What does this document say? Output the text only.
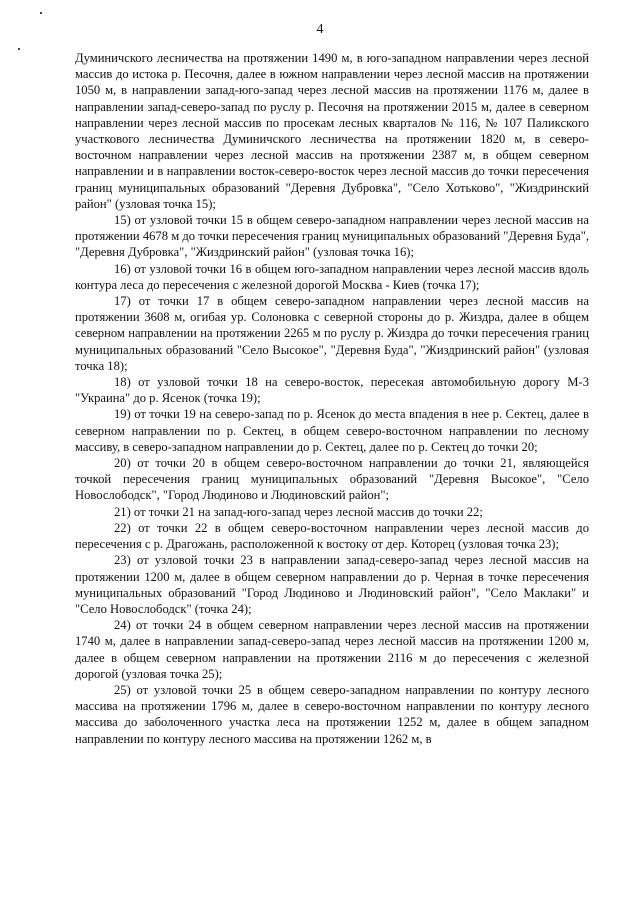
4

Думиничского лесничества на протяжении 1490 м, в юго-западном направлении через лесной массив до истока р. Песочня, далее в южном направлении через лесной массив на протяжении 1050 м, в направлении запад-юго-запад через лесной массив на протяжении 1176 м, далее в направлении запад-северо-запад по руслу р. Песочня на протяжении 2015 м, далее в северном направлении через лесной массив по просекам лесных кварталов № 116, № 107 Паликского участкового лесничества Думиничского лесничества на протяжении 1820 м, в северо-восточном направлении через лесной массив на протяжении 2387 м, в общем северном направлении и в направлении восток-северо-восток через лесной массив до точки пересечения границ муниципальных образований "Деревня Дубровка", "Село Хотьково", "Жиздринский район" (узловая точка 15);

15) от узловой точки 15 в общем северо-западном направлении через лесной массив на протяжении 4678 м до точки пересечения границ муниципальных образований "Деревня Буда", "Деревня Дубровка", "Жиздринский район" (узловая точка 16);

16) от узловой точки 16 в общем юго-западном направлении через лесной массив вдоль контура леса до пересечения с железной дорогой Москва - Киев (точка 17);

17) от точки 17 в общем северо-западном направлении через лесной массив на протяжении 3608 м, огибая ур. Солоновка с северной стороны до р. Жиздра, далее в общем северном направлении на протяжении 2265 м по руслу р. Жиздра до точки пересечения границ муниципальных образований "Село Высокое", "Деревня Буда", "Жиздринский район" (узловая точка 18);

18) от узловой точки 18 на северо-восток, пересекая автомобильную дорогу М-3 "Украина" до р. Ясенок (точка 19);

19) от точки 19 на северо-запад по р. Ясенок до места впадения в нее р. Сектец, далее в северном направлении по р. Сектец, в общем северо-восточном направлении по лесному массиву, в северо-западном направлении до р. Сектец, далее по р. Сектец до точки 20;

20) от точки 20 в общем северо-восточном направлении до точки 21, являющейся точкой пересечения границ муниципальных образований "Деревня Высокое", "Село Новослободск", "Город Людиново и Людиновский район";

21) от точки 21 на запад-юго-запад через лесной массив до точки 22;

22) от точки 22 в общем северо-восточном направлении через лесной массив до пересечения с р. Драгожань, расположенной к востоку от дер. Которец (узловая точка 23);

23) от узловой точки 23 в направлении запад-северо-запад через лесной массив на протяжении 1200 м, далее в общем северном направлении до р. Черная в точке пересечения муниципальных образований "Город Людиново и Людиновский район", "Село Маклаки" и "Село Новослободск" (точка 24);

24) от точки 24 в общем северном направлении через лесной массив на протяжении 1740 м, далее в направлении запад-северо-запад через лесной массив на протяжении 1200 м, далее в общем северном направлении на протяжении 2116 м до пересечения с железной дорогой (узловая точка 25);

25) от узловой точки 25 в общем северо-западном направлении по контуру лесного массива на протяжении 1796 м, далее в северо-восточном направлении по контуру лесного массива до заболоченного участка леса на протяжении 1252 м, далее в общем западном направлении по контуру лесного массива на протяжении 1262 м, в
